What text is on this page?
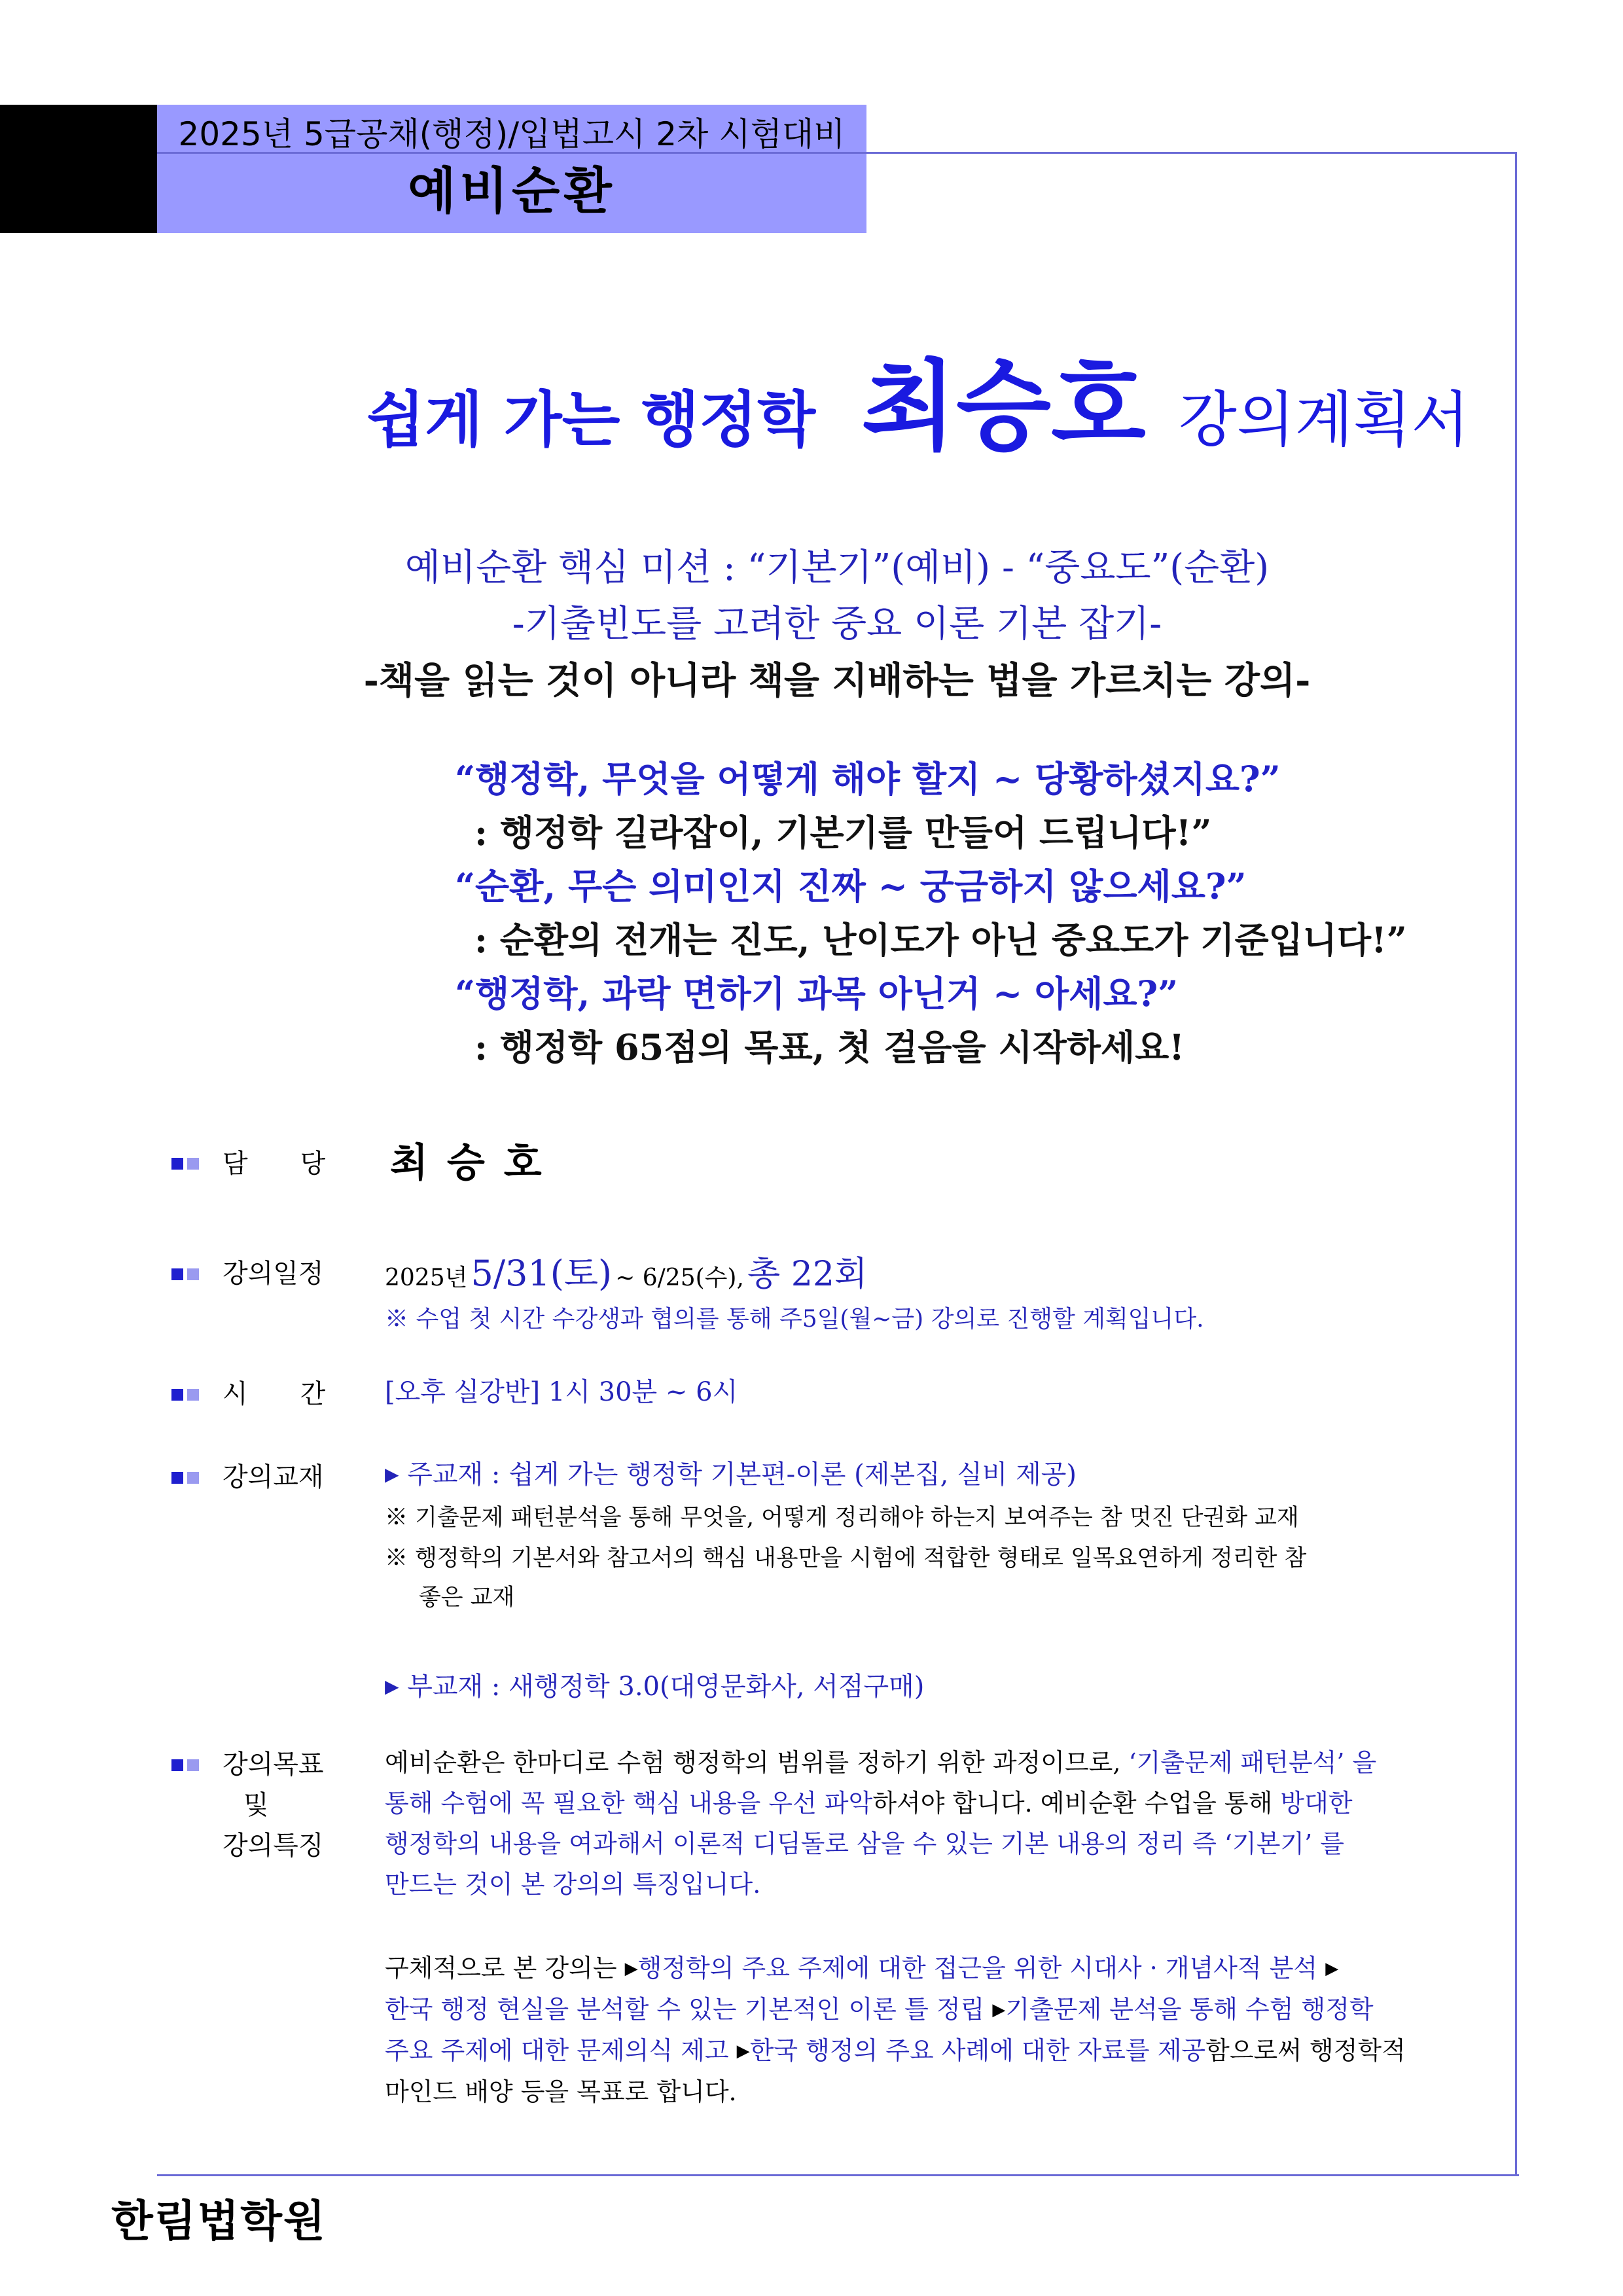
2025년 5급공채(행정)/입법고시 2차 시험대비
예비순환
쉽게 가는 행정학 최승호 강의계획서
예비순환 핵심 미션 : “기본기”(예비) - “중요도”(순환)
-기출빈도를 고려한 중요 이론 기본 잡기-
-책을 읽는 것이 아니라 책을 지배하는 법을 가르치는 강의-
“행정학, 무엇을 어떻게 해야 할지 ~ 당황하셨지요?”
: 행정학 길라잡이, 기본기를 만들어 드립니다!”
“순환, 무슨 의미인지 진짜 ~ 궁금하지 않으세요?”
: 순환의 전개는 진도, 난이도가 아닌 중요도가 기준입니다!”
“행정학, 과락 면하기 과목 아닌거 ~ 아세요?”
: 행정학 65점의 목표, 첫 걸음을 시작하세요!
담　　당 최 승 호
강의일정	2025년 5/31(토) ~ 6/25(수), 총 22회
※ 수업 첫 시간 수강생과 협의를 통해 주5일(월~금) 강의로 진행할 계획입니다.
시　　간 [오후 실강반] 1시 30분 ~ 6시
강의교재	▶ 주교재 : 쉽게 가는 행정학 기본편-이론 (제본집, 실비 제공)
※ 기출문제 패턴분석을 통해 무엇을, 어떻게 정리해야 하는지 보여주는 참 멋진 단권화 교재
※ 행정학의 기본서와 참고서의 핵심 내용만을 시험에 적합한 형태로 일목요연하게 정리한 참
좋은 교재
▶ 부교재 : 새행정학 3.0(대영문화사, 서점구매)
강의목표
및
강의특징
예비순환은 한마디로 수험 행정학의 범위를 정하기 위한 과정이므로, ‘기출문제 패턴분석’ 을
통해 수험에 꼭 필요한 핵심 내용을 우선 파악하셔야 합니다. 예비순환 수업을 통해 방대한
행정학의 내용을 여과해서 이론적 디딤돌로 삼을 수 있는 기본 내용의 정리 즉 ‘기본기’ 를
만드는 것이 본 강의의 특징입니다.
구체적으로 본 강의는 ▶행정학의 주요 주제에 대한 접근을 위한 시대사 · 개념사적 분석 ▶
한국 행정 현실을 분석할 수 있는 기본적인 이론 틀 정립 ▶기출문제 분석을 통해 수험 행정학
주요 주제에 대한 문제의식 제고 ▶한국 행정의 주요 사례에 대한 자료를 제공함으로써 행정학적
마인드 배양 등을 목표로 합니다.
한림법학원
